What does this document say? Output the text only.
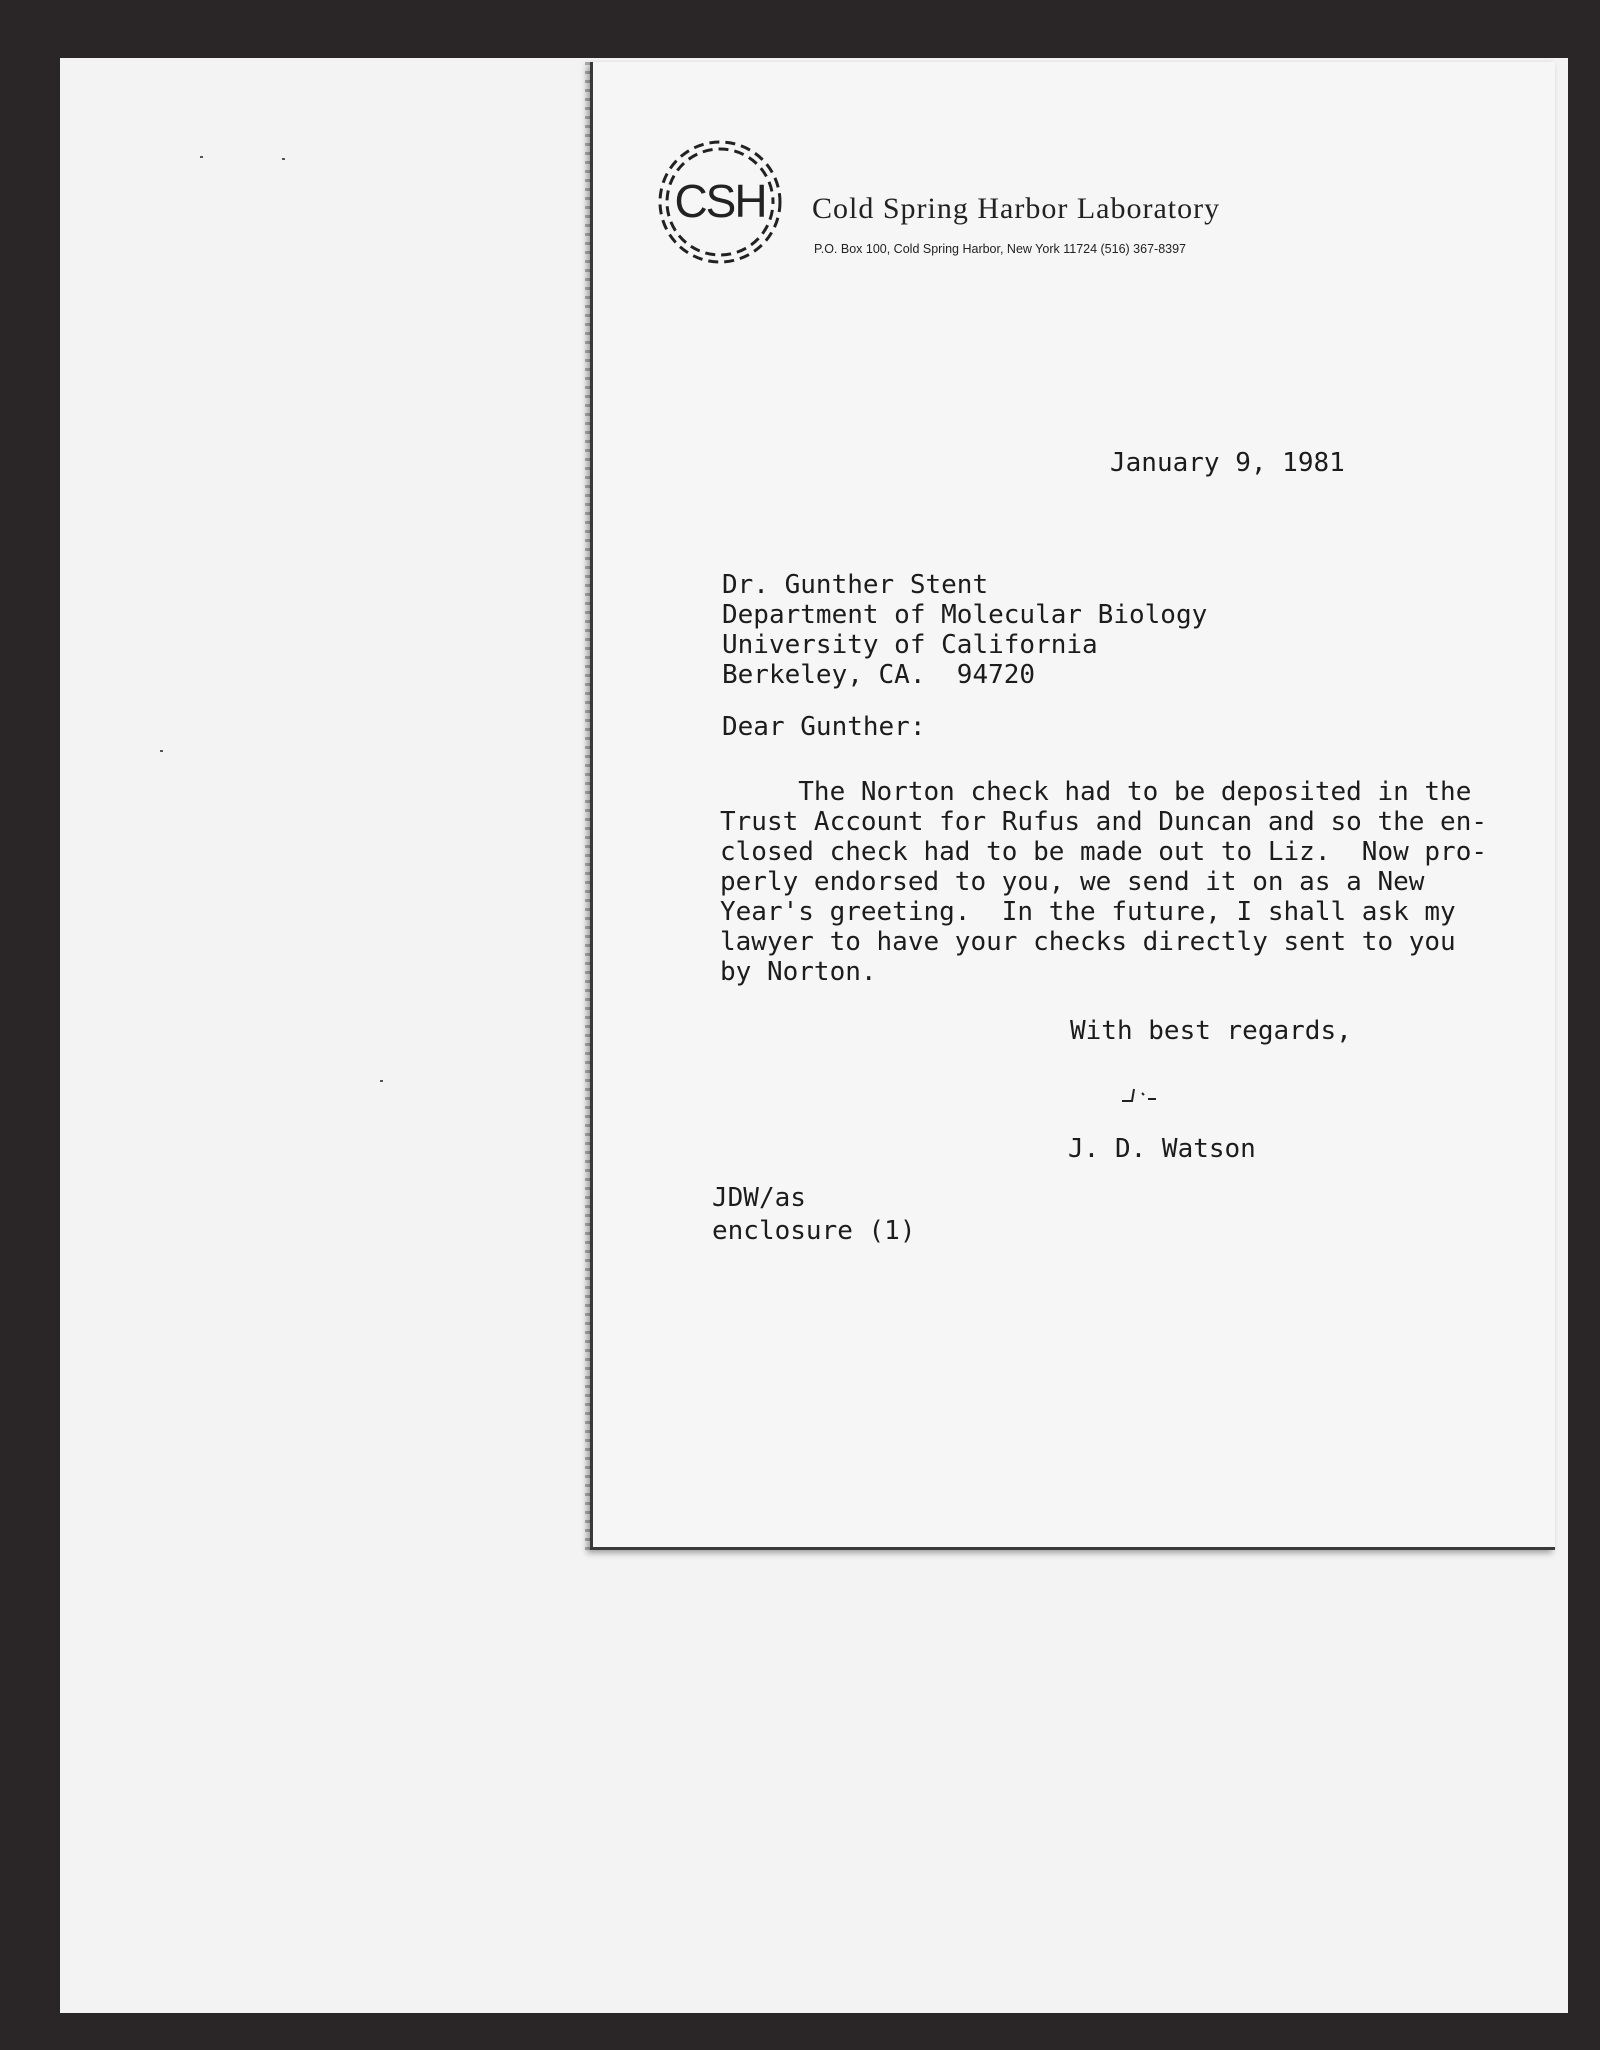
CSH	Cold Spring Harbor Laboratory
P.O. Box 100, Cold Spring Harbor, New York 11724 (516) 367-8397
January 9, 1981
Dr. Gunther Stent
Department of Molecular Biology
University of California
Berkeley, CA.  94720
Dear Gunther:
The Norton check had to be deposited in the
Trust Account for Rufus and Duncan and so the en-
closed check had to be made out to Liz.  Now pro-
perly endorsed to you, we send it on as a New
Year's greeting.  In the future, I shall ask my
lawyer to have your checks directly sent to you
by Norton.
With best regards,
J. D. Watson
JDW/as
enclosure (1)
